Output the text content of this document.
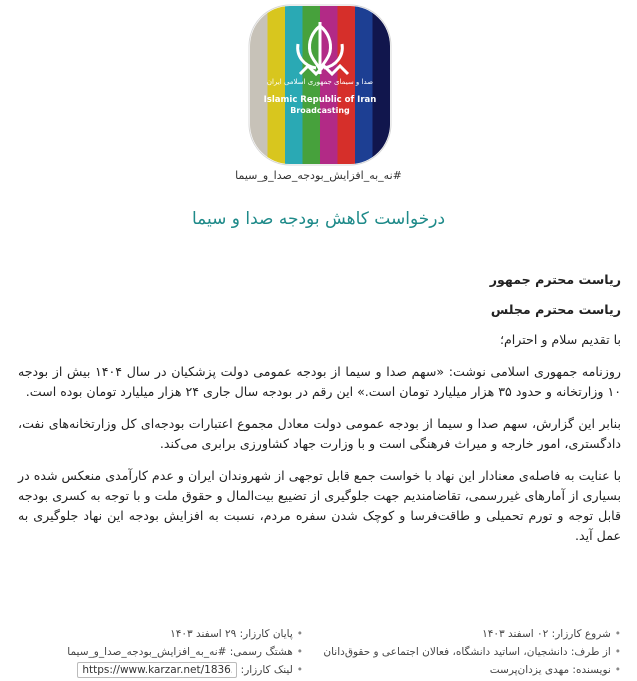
صدا و سیمای جمهوری اسلامی ایران
Islamic Republic of Iran
Broadcasting
#نه_به_افزایش_بودجه_صدا_و_سیما
درخواست کاهش بودجه صدا و سیما

ریاست محترم جمهور

ریاست محترم مجلس

با تقدیم سلام و احترام؛

روزنامه جمهوری اسلامی نوشت: «سهم صدا و سیما از بودجه عمومی دولت پزشکیان در سال ۱۴۰۴ بیش از بودجه ۱۰ وزارتخانه و حدود ۳۵ هزار میلیارد تومان است.» این رقم در بودجه سال جاری ۲۴ هزار میلیارد تومان بوده است.

بنابر این گزارش، سهم صدا و سیما از بودجه عمومی دولت معادل مجموع اعتبارات بودجه‌ای کل وزارتخانه‌های نفت، دادگستری، امور خارجه و میراث فرهنگی است و با وزارت جهاد کشاورزی برابری می‌کند.

با عنایت به فاصله‌ی معنادار این نهاد با خواست جمع قابل توجهی از شهروندان ایران و عدم کارآمدی منعکس شده در بسیاری از آمارهای غیررسمی، تقاضامندیم جهت جلوگیری از تضییع بیت‌المال و حقوق ملت و با توجه به کسری بودجه قابل توجه و تورم تحمیلی و طاقت‌فرسا و کوچک شدن سفره مردم، نسبت به افزایش بودجه این نهاد جلوگیری به عمل آید.

•شروع کارزار: ۰۲ اسفند ۱۴۰۳
•از طرف: دانشجیان، اساتید دانشگاه، فعالان اجتماعی و حقوق‌دانان
•نویسنده: مهدی یزدان‌پرست
•پایان کارزار: ۲۹ اسفند ۱۴۰۳
•هشتگ رسمی: #نه_به_افزایش_بودجه_صدا_و_سیما
•لینک کارزار: https://www.karzar.net/183652
